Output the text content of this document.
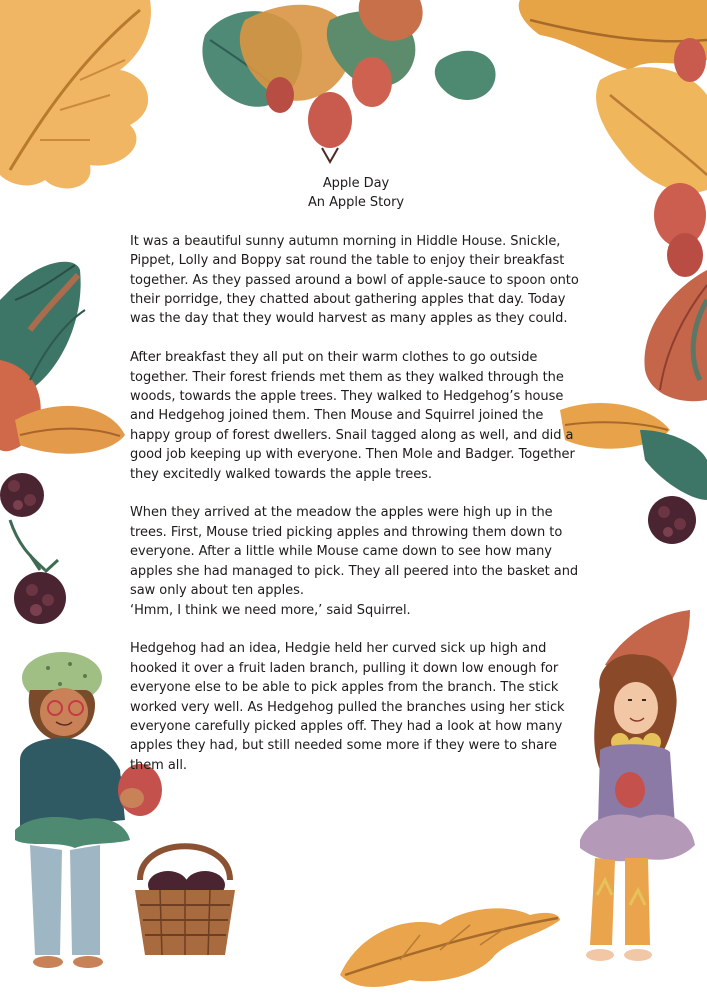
Apple Day
An Apple Story
It was a beautiful sunny autumn morning in Hiddle House. Snickle,
Pippet, Lolly and Boppy sat round the table to enjoy their breakfast
together. As they passed around a bowl of apple-sauce to spoon onto
their porridge, they chatted about gathering apples that day. Today
was the day that they would harvest as many apples as they could.
After breakfast they all put on their warm clothes to go outside
together. Their forest friends met them as they walked through the
woods, towards the apple trees. They walked to Hedgehog’s house
and Hedgehog joined them. Then Mouse and Squirrel joined the
happy group of forest dwellers. Snail tagged along as well, and did a
good job keeping up with everyone. Then Mole and Badger. Together
they excitedly walked towards the apple trees.
When they arrived at the meadow the apples were high up in the
trees. First, Mouse tried picking apples and throwing them down to
everyone. After a little while Mouse came down to see how many
apples she had managed to pick. They all peered into the basket and
saw only about ten apples.
‘Hmm, I think we need more,’ said Squirrel.
Hedgehog had an idea, Hedgie held her curved sick up high and
hooked it over a fruit laden branch, pulling it down low enough for
everyone else to be able to pick apples from the branch. The stick
worked very well. As Hedgehog pulled the branches using her stick
everyone carefully picked apples off. They had a look at how many
apples they had, but still needed some more if they were to share
them all.
